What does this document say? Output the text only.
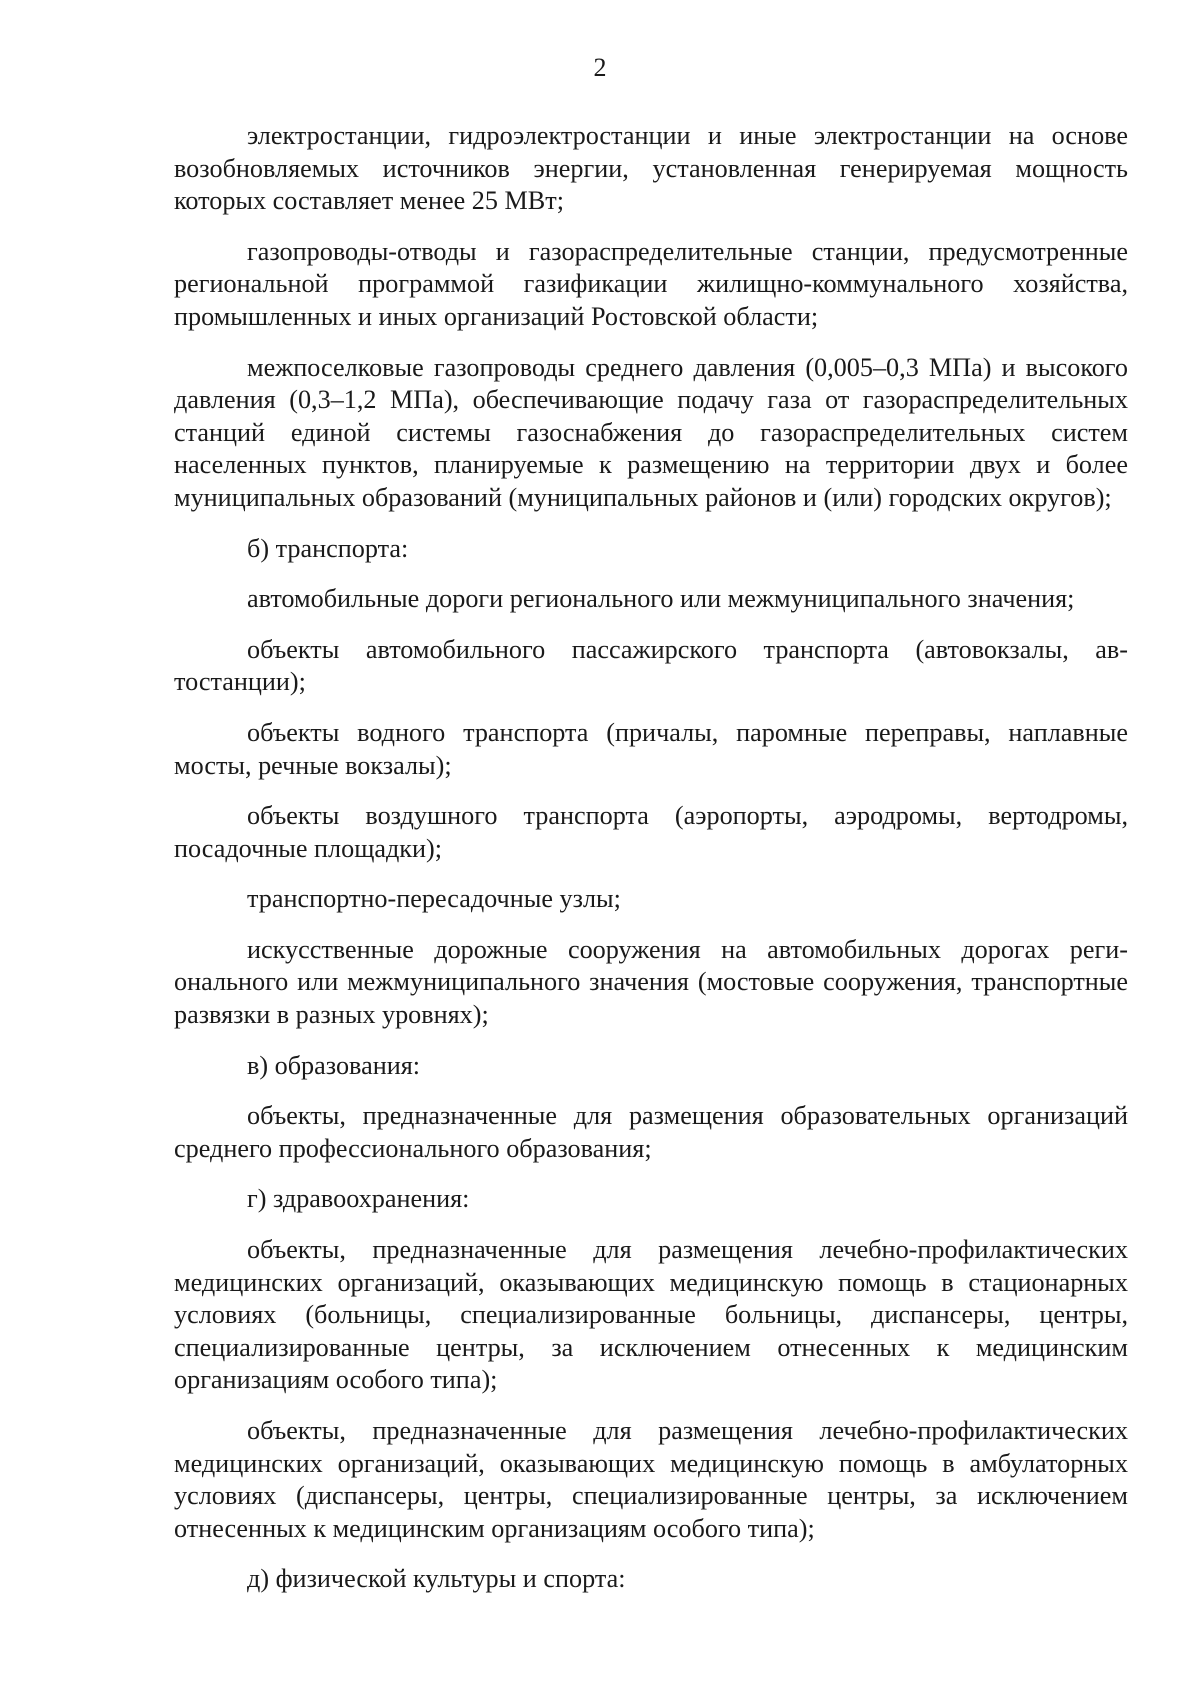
2

электростанции, гидроэлектростанции и иные электростанции на основе возобновляемых источников энергии, установленная генерируемая мощность которых составляет менее 25 МВт;

газопроводы-отводы и газораспределительные станции, предусмотренные региональной программой газификации жилищно-коммунального хозяйства, промышленных и иных организаций Ростовской области;

межпоселковые газопроводы среднего давления (0,005–0,3 МПа) и высокого давления (0,3–1,2 МПа), обеспечивающие подачу газа от газораспределительных станций единой системы газоснабжения до газораспределительных систем населенных пунктов, планируемые к размещению на территории двух и более муниципальных образований (муниципальных районов и (или) городских округов);

б) транспорта:

автомобильные дороги регионального или межмуниципального значения;

объекты автомобильного пассажирского транспорта (автовокзалы, автостанции);

объекты водного транспорта (причалы, паромные переправы, наплавные мосты, речные вокзалы);

объекты воздушного транспорта (аэропорты, аэродромы, вертодромы, посадочные площадки);

транспортно-пересадочные узлы;

искусственные дорожные сооружения на автомобильных дорогах регионального или межмуниципального значения (мостовые сооружения, транспортные развязки в разных уровнях);

в) образования:

объекты, предназначенные для размещения образовательных организаций среднего профессионального образования;

г) здравоохранения:

объекты, предназначенные для размещения лечебно-профилактических медицинских организаций, оказывающих медицинскую помощь в стационарных условиях (больницы, специализированные больницы, диспансеры, центры, специализированные центры, за исключением отнесенных к медицинским организациям особого типа);

объекты, предназначенные для размещения лечебно-профилактических медицинских организаций, оказывающих медицинскую помощь в амбулаторных условиях (диспансеры, центры, специализированные центры, за исключением отнесенных к медицинским организациям особого типа);

д) физической культуры и спорта:
